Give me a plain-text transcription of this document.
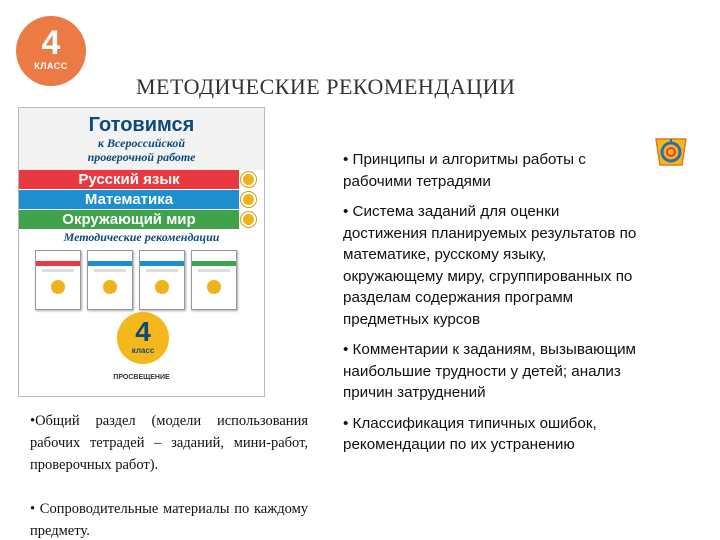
4
КЛАСС
МЕТОДИЧЕСКИЕ РЕКОМЕНДАЦИИ
Готовимся
к Всероссийской
проверочной работе
Русский язык
Математика
Окружающий мир
Методические рекомендации
4
класс
ПРОСВЕЩЕНИЕ
•Общий раздел (модели использования рабочих тетрадей – заданий, мини-работ, проверочных работ).
• Сопроводительные материалы по каждому предмету.
• Принципы и алгоритмы работы с рабочими тетрадями
• Система заданий для оценки достижения планируемых результатов по математике, русскому языку, окружающему миру, сгруппированных по разделам содержания программ предметных курсов
• Комментарии к заданиям, вызывающим наибольшие трудности у детей; анализ причин затруднений
• Классификация типичных ошибок, рекомендации по их устранению
